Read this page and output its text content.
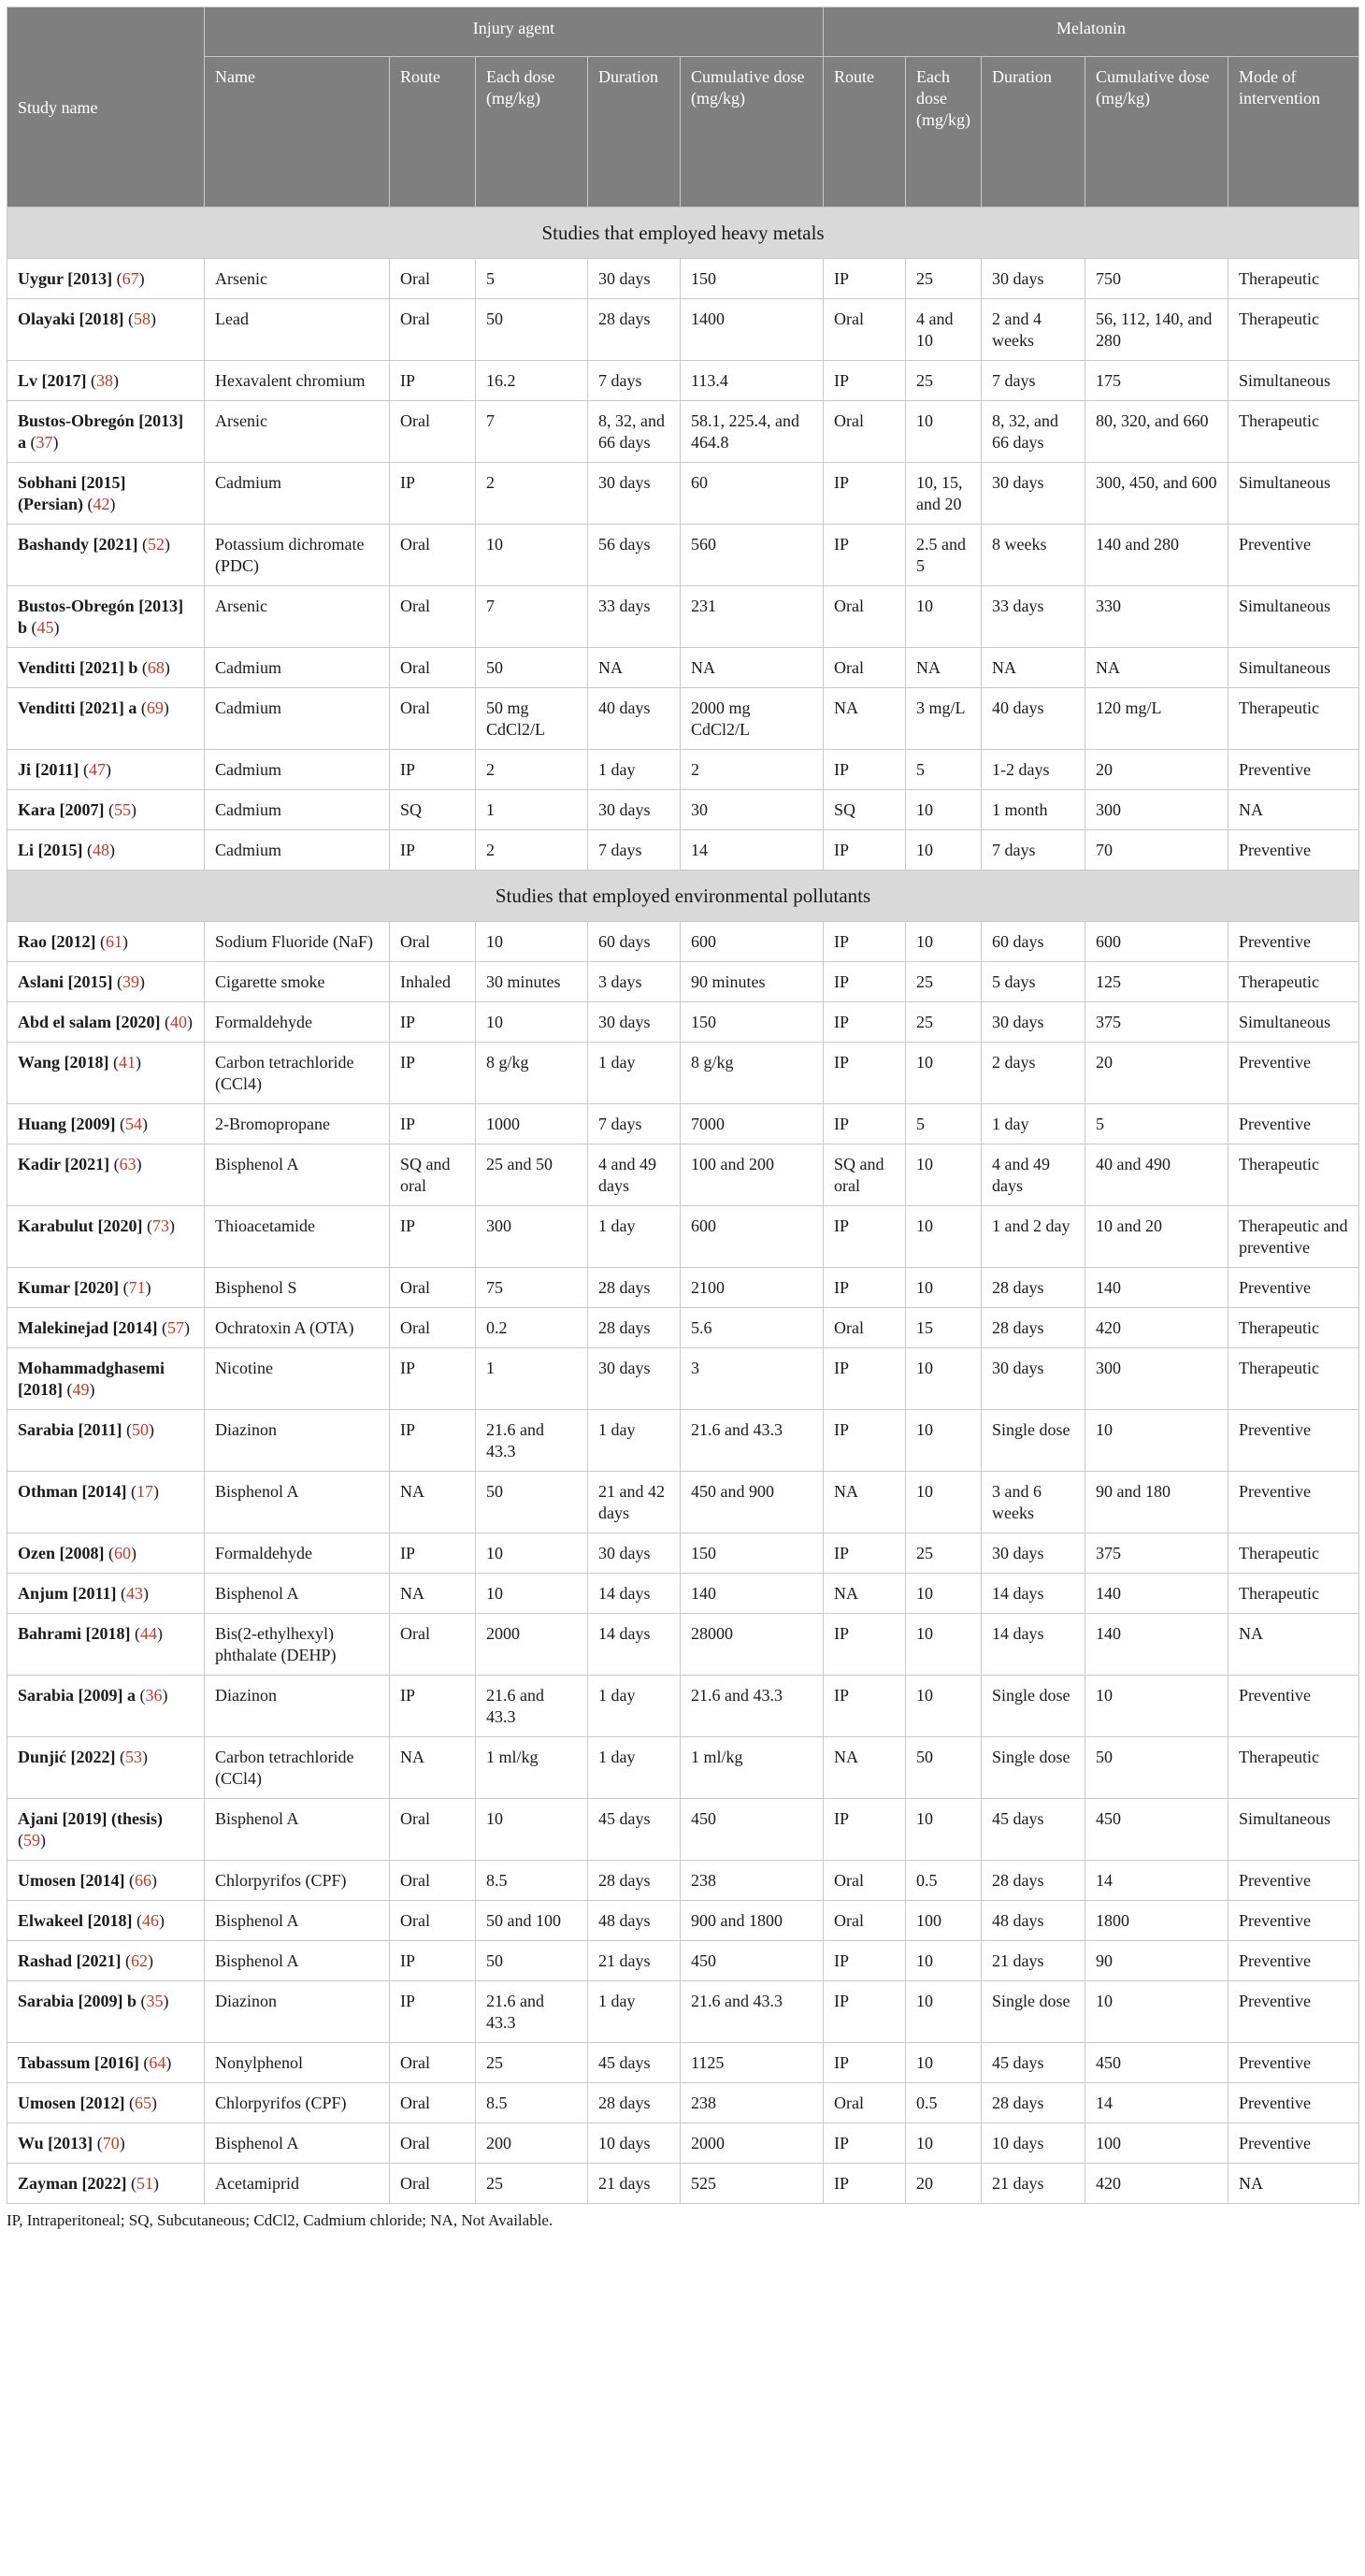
Study name	Injury agent					Melatonin				
	Name	Route	Each dose (mg/kg)	Duration	Cumulative dose (mg/kg)	Route	Each dose (mg/kg)	Duration	Cumulative dose (mg/kg)	Mode of intervention
Studies that employed heavy metals										
Uygur [2013] (67)	Arsenic	Oral	5	30 days	150	IP	25	30 days	750	Therapeutic
Olayaki [2018] (58)	Lead	Oral	50	28 days	1400	Oral	4 and 10	2 and 4 weeks	56, 112, 140, and 280	Therapeutic
Lv [2017] (38)	Hexavalent chromium	IP	16.2	7 days	113.4	IP	25	7 days	175	Simultaneous
Bustos-Obregón [2013] a (37)	Arsenic	Oral	7	8, 32, and 66 days	58.1, 225.4, and 464.8	Oral	10	8, 32, and 66 days	80, 320, and 660	Therapeutic
Sobhani [2015] (Persian) (42)	Cadmium	IP	2	30 days	60	IP	10, 15, and 20	30 days	300, 450, and 600	Simultaneous
Bashandy [2021] (52)	Potassium dichromate (PDC)	Oral	10	56 days	560	IP	2.5 and 5	8 weeks	140 and 280	Preventive
Bustos-Obregón [2013] b (45)	Arsenic	Oral	7	33 days	231	Oral	10	33 days	330	Simultaneous
Venditti [2021] b (68)	Cadmium	Oral	50	NA	NA	Oral	NA	NA	NA	Simultaneous
Venditti [2021] a (69)	Cadmium	Oral	50 mg CdCl2/L	40 days	2000 mg CdCl2/L	NA	3 mg/L	40 days	120 mg/L	Therapeutic
Ji [2011] (47)	Cadmium	IP	2	1 day	2	IP	5	1-2 days	20	Preventive
Kara [2007] (55)	Cadmium	SQ	1	30 days	30	SQ	10	1 month	300	NA
Li [2015] (48)	Cadmium	IP	2	7 days	14	IP	10	7 days	70	Preventive
Studies that employed environmental pollutants										
Rao [2012] (61)	Sodium Fluoride (NaF)	Oral	10	60 days	600	IP	10	60 days	600	Preventive
Aslani [2015] (39)	Cigarette smoke	Inhaled	30 minutes	3 days	90 minutes	IP	25	5 days	125	Therapeutic
Abd el salam [2020] (40)	Formaldehyde	IP	10	30 days	150	IP	25	30 days	375	Simultaneous
Wang [2018] (41)	Carbon tetrachloride (CCl4)	IP	8 g/kg	1 day	8 g/kg	IP	10	2 days	20	Preventive
Huang [2009] (54)	2-Bromopropane	IP	1000	7 days	7000	IP	5	1 day	5	Preventive
Kadir [2021] (63)	Bisphenol A	SQ and oral	25 and 50	4 and 49 days	100 and 200	SQ and oral	10	4 and 49 days	40 and 490	Therapeutic
Karabulut [2020] (73)	Thioacetamide	IP	300	1 day	600	IP	10	1 and 2 day	10 and 20	Therapeutic and preventive
Kumar [2020] (71)	Bisphenol S	Oral	75	28 days	2100	IP	10	28 days	140	Preventive
Malekinejad [2014] (57)	Ochratoxin A (OTA)	Oral	0.2	28 days	5.6	Oral	15	28 days	420	Therapeutic
Mohammadghasemi [2018] (49)	Nicotine	IP	1	30 days	3	IP	10	30 days	300	Therapeutic
Sarabia [2011] (50)	Diazinon	IP	21.6 and 43.3	1 day	21.6 and 43.3	IP	10	Single dose	10	Preventive
Othman [2014] (17)	Bisphenol A	NA	50	21 and 42 days	450 and 900	NA	10	3 and 6 weeks	90 and 180	Preventive
Ozen [2008] (60)	Formaldehyde	IP	10	30 days	150	IP	25	30 days	375	Therapeutic
Anjum [2011] (43)	Bisphenol A	NA	10	14 days	140	NA	10	14 days	140	Therapeutic
Bahrami [2018] (44)	Bis(2-ethylhexyl) phthalate (DEHP)	Oral	2000	14 days	28000	IP	10	14 days	140	NA
Sarabia [2009] a (36)	Diazinon	IP	21.6 and 43.3	1 day	21.6 and 43.3	IP	10	Single dose	10	Preventive
Dunjić [2022] (53)	Carbon tetrachloride (CCl4)	NA	1 ml/kg	1 day	1 ml/kg	NA	50	Single dose	50	Therapeutic
Ajani [2019] (thesis) (59)	Bisphenol A	Oral	10	45 days	450	IP	10	45 days	450	Simultaneous
Umosen [2014] (66)	Chlorpyrifos (CPF)	Oral	8.5	28 days	238	Oral	0.5	28 days	14	Preventive
Elwakeel [2018] (46)	Bisphenol A	Oral	50 and 100	48 days	900 and 1800	Oral	100	48 days	1800	Preventive
Rashad [2021] (62)	Bisphenol A	IP	50	21 days	450	IP	10	21 days	90	Preventive
Sarabia [2009] b (35)	Diazinon	IP	21.6 and 43.3	1 day	21.6 and 43.3	IP	10	Single dose	10	Preventive
Tabassum [2016] (64)	Nonylphenol	Oral	25	45 days	1125	IP	10	45 days	450	Preventive
Umosen [2012] (65)	Chlorpyrifos (CPF)	Oral	8.5	28 days	238	Oral	0.5	28 days	14	Preventive
Wu [2013] (70)	Bisphenol A	Oral	200	10 days	2000	IP	10	10 days	100	Preventive
Zayman [2022] (51)	Acetamiprid	Oral	25	21 days	525	IP	20	21 days	420	NA
IP, Intraperitoneal; SQ, Subcutaneous; CdCl2, Cadmium chloride; NA, Not Available.
